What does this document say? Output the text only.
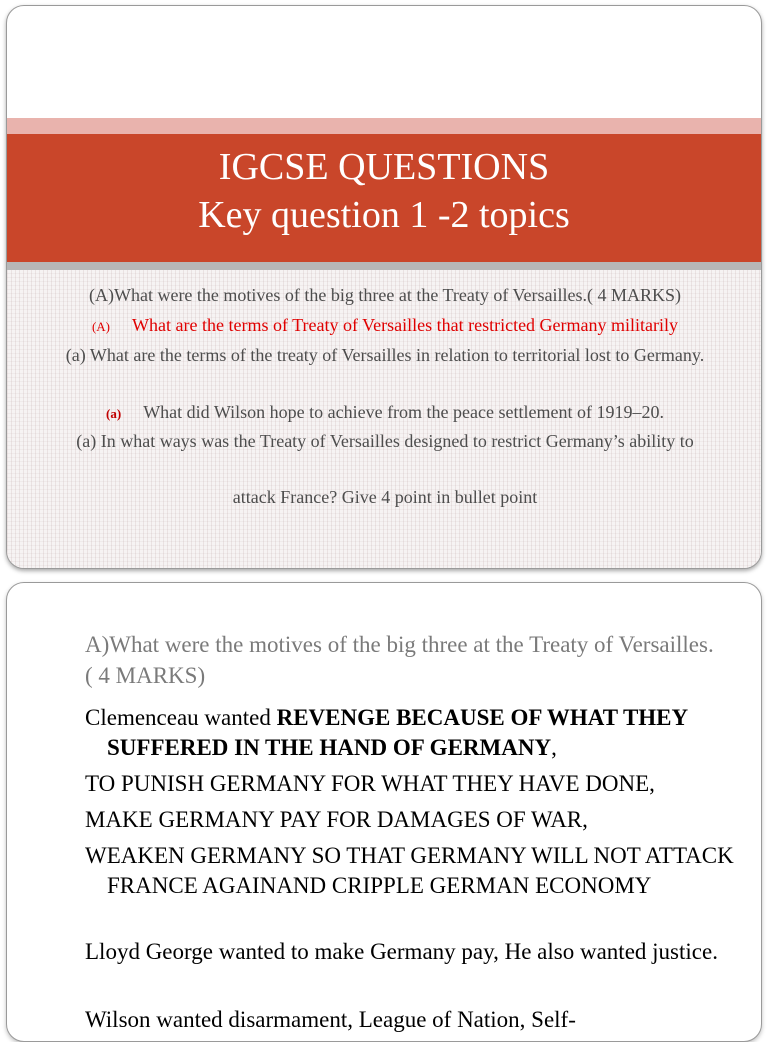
IGCSE QUESTIONS
Key question 1 -2 topics
(A)What were the motives of the big three at the Treaty of Versailles.( 4 MARKS)
(A) What are the terms of Treaty of Versailles that restricted Germany militarily
(a) What are the terms of the treaty of Versailles in relation to territorial lost to Germany.
(a) What did Wilson hope to achieve from the peace settlement of 1919–20.
(a) In what ways was the Treaty of Versailles designed to restrict Germany’s ability to
attack France? Give 4 point in bullet point
A)What were the motives of the big three at the Treaty of Versailles.( 4 MARKS)
Clemenceau wanted REVENGE BECAUSE OF WHAT THEY SUFFERED IN THE HAND OF GERMANY,
TO PUNISH GERMANY FOR WHAT THEY HAVE DONE,
MAKE GERMANY PAY FOR DAMAGES OF WAR,
WEAKEN GERMANY SO THAT GERMANY WILL NOT ATTACK FRANCE AGAINAND CRIPPLE GERMAN ECONOMY
Lloyd George wanted to make Germany pay, He also wanted justice.
Wilson wanted disarmament, League of Nation, Self-
